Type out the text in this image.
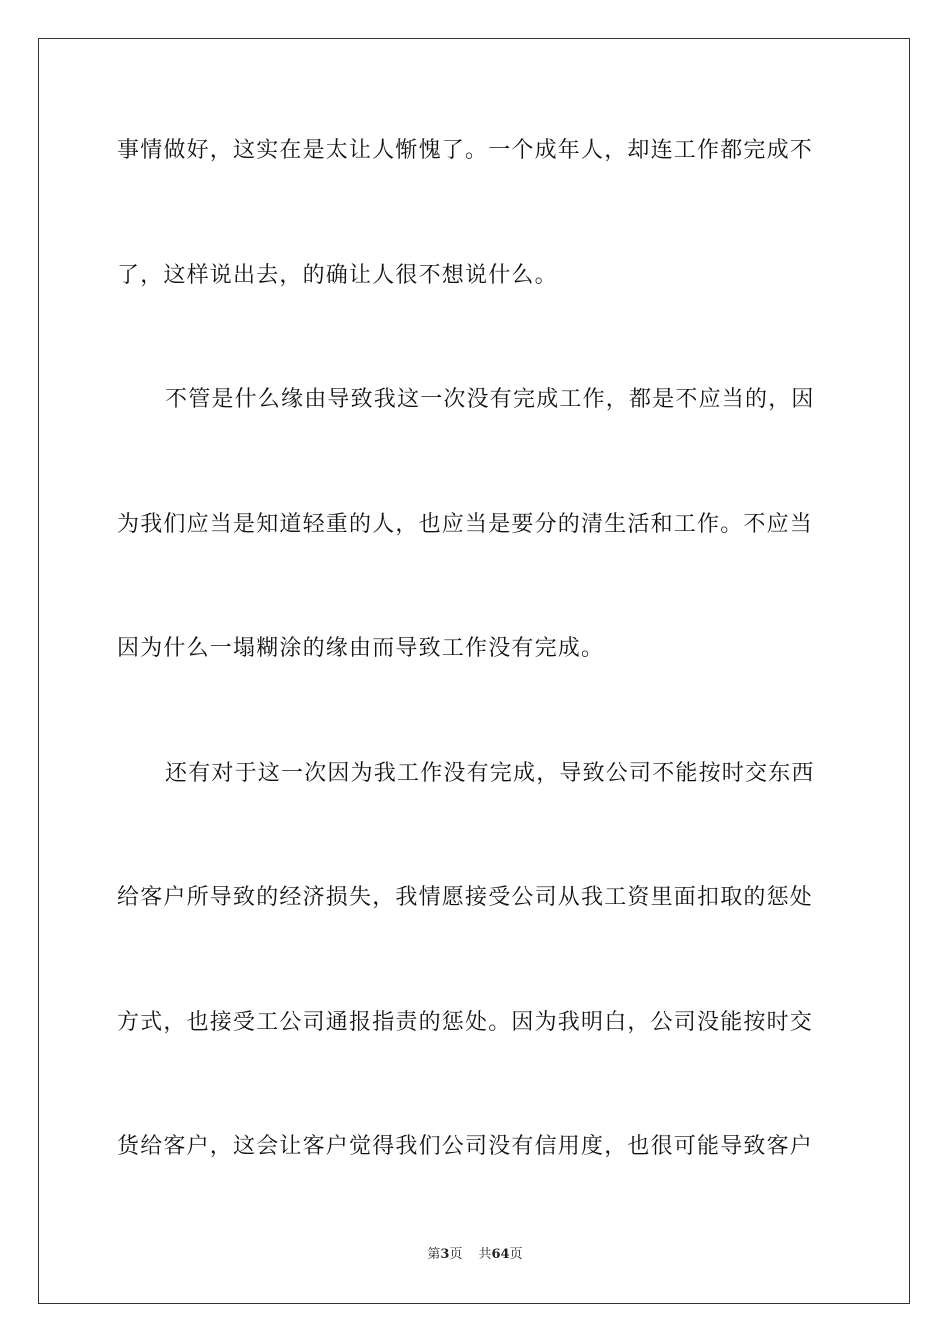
事情做好，这实在是太让人惭愧了。一个成年人，却连工作都完成不
了，这样说出去，的确让人很不想说什么。
不管是什么缘由导致我这一次没有完成工作，都是不应当的，因
为我们应当是知道轻重的人，也应当是要分的清生活和工作。不应当
因为什么一塌糊涂的缘由而导致工作没有完成。
还有对于这一次因为我工作没有完成，导致公司不能按时交东西
给客户所导致的经济损失，我情愿接受公司从我工资里面扣取的惩处
方式，也接受工公司通报指责的惩处。因为我明白，公司没能按时交
货给客户，这会让客户觉得我们公司没有信用度，也很可能导致客户
第3页 共64页
